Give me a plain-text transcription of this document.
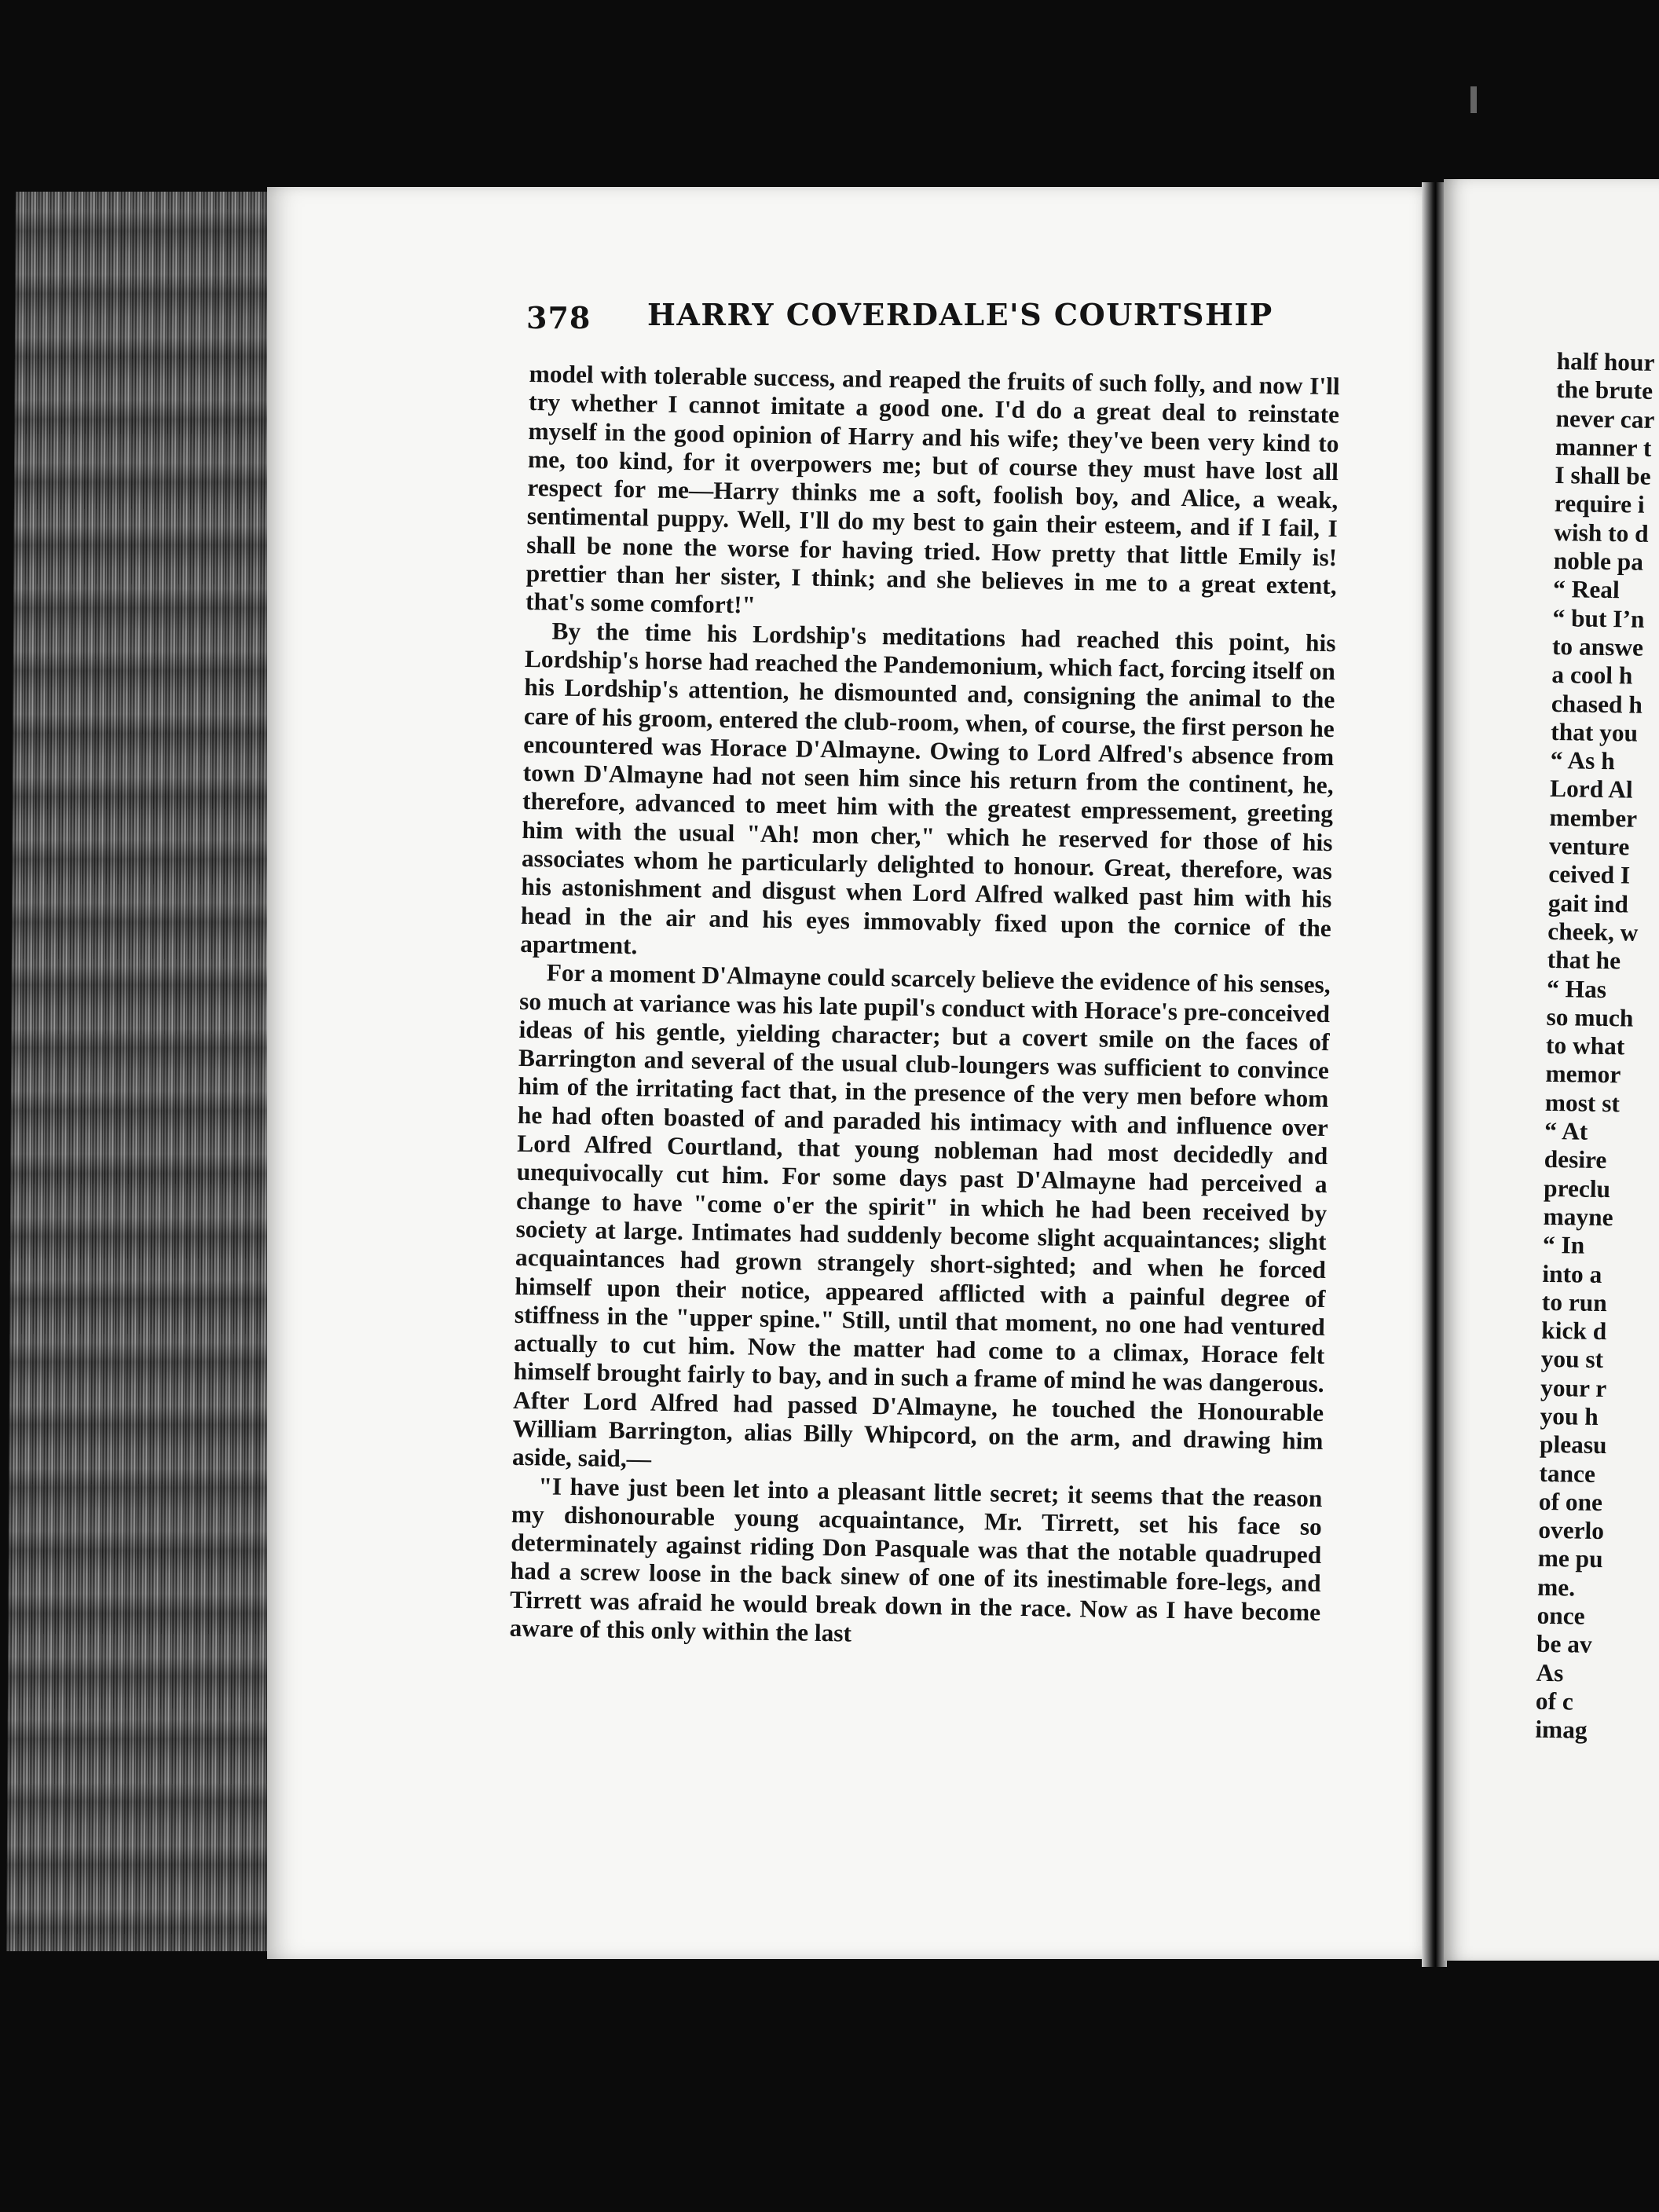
378 HARRY COVERDALE'S COURTSHIP

model with tolerable success, and reaped the fruits of such folly, and now I'll try whether I cannot imitate a good one. I'd do a great deal to reinstate myself in the good opinion of Harry and his wife; they've been very kind to me, too kind, for it overpowers me; but of course they must have lost all respect for me—Harry thinks me a soft, foolish boy, and Alice, a weak, sentimental puppy. Well, I'll do my best to gain their esteem, and if I fail, I shall be none the worse for having tried. How pretty that little Emily is! prettier than her sister, I think; and she believes in me to a great extent, that's some comfort!"

By the time his Lordship's meditations had reached this point, his Lordship's horse had reached the Pandemonium, which fact, forcing itself on his Lordship's attention, he dismounted and, consigning the animal to the care of his groom, entered the club-room, when, of course, the first person he encountered was Horace D'Almayne. Owing to Lord Alfred's absence from town D'Almayne had not seen him since his return from the continent, he, therefore, advanced to meet him with the greatest empressement, greeting him with the usual "Ah! mon cher," which he reserved for those of his associates whom he particularly delighted to honour. Great, therefore, was his astonishment and disgust when Lord Alfred walked past him with his head in the air and his eyes immovably fixed upon the cornice of the apartment.

For a moment D'Almayne could scarcely believe the evidence of his senses, so much at variance was his late pupil's conduct with Horace's pre-conceived ideas of his gentle, yielding character; but a covert smile on the faces of Barrington and several of the usual club-loungers was sufficient to convince him of the irritating fact that, in the presence of the very men before whom he had often boasted of and paraded his intimacy with and influence over Lord Alfred Courtland, that young nobleman had most decidedly and unequivocally cut him. For some days past D'Almayne had perceived a change to have "come o'er the spirit" in which he had been received by society at large. Intimates had suddenly become slight acquaintances; slight acquaintances had grown strangely short-sighted; and when he forced himself upon their notice, appeared afflicted with a painful degree of stiffness in the "upper spine." Still, until that moment, no one had ventured actually to cut him. Now the matter had come to a climax, Horace felt himself brought fairly to bay, and in such a frame of mind he was dangerous. After Lord Alfred had passed D'Almayne, he touched the Honourable William Barrington, alias Billy Whipcord, on the arm, and drawing him aside, said,—

"I have just been let into a pleasant little secret; it seems that the reason my dishonourable young acquaintance, Mr. Tirrett, set his face so determinately against riding Don Pasquale was that the notable quadruped had a screw loose in the back sinew of one of its inestimable fore-legs, and Tirrett was afraid he would break down in the race. Now as I have become aware of this only within the last

half hour
the brute
never car
manner t
I shall be
require i
wish to d
noble pa
“ Real
“ but I’n
to answe
a cool h
chased h
that you
“ As h
Lord Al
member
venture
ceived I
gait ind
cheek, w
that he
“ Has
so much
to what
memor
most st
“ At
desire
preclu
mayne
“ In
into a
to run
kick d
you st
your r
you h
pleasu
tance
of one
overlo
me pu
me.
once
be av
As
of c
imag
